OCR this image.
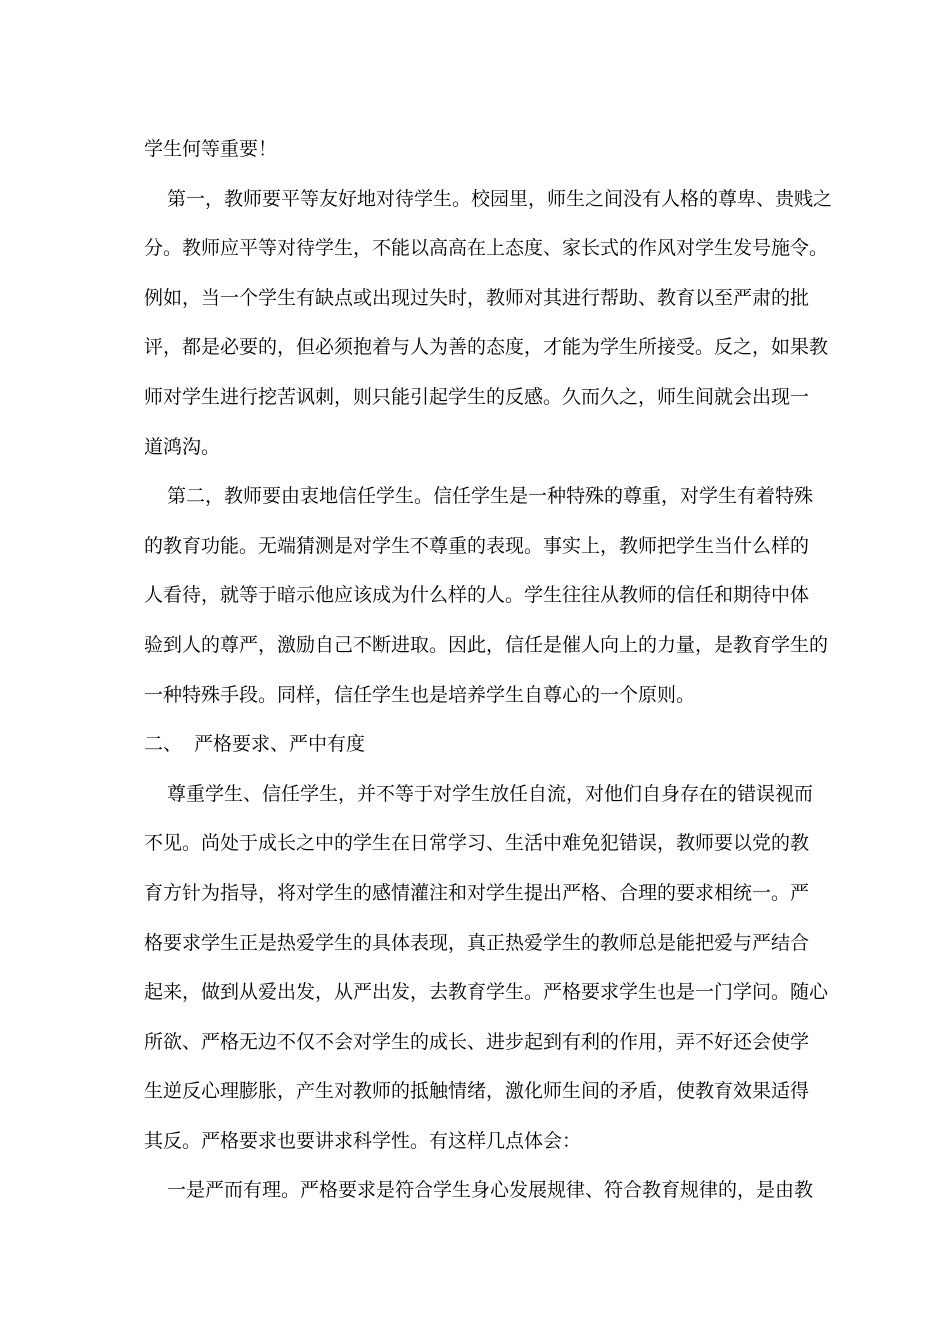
学生何等重要！
第一，教师要平等友好地对待学生。校园里，师生之间没有人格的尊卑、贵贱之
分。教师应平等对待学生，不能以高高在上态度、家长式的作风对学生发号施令。
例如，当一个学生有缺点或出现过失时，教师对其进行帮助、教育以至严肃的批
评，都是必要的，但必须抱着与人为善的态度，才能为学生所接受。反之，如果教
师对学生进行挖苦讽刺，则只能引起学生的反感。久而久之，师生间就会出现一
道鸿沟。
第二，教师要由衷地信任学生。信任学生是一种特殊的尊重，对学生有着特殊
的教育功能。无端猜测是对学生不尊重的表现。事实上，教师把学生当什么样的
人看待，就等于暗示他应该成为什么样的人。学生往往从教师的信任和期待中体
验到人的尊严，激励自己不断进取。因此，信任是催人向上的力量，是教育学生的
一种特殊手段。同样，信任学生也是培养学生自尊心的一个原则。
二、 严格要求、严中有度
尊重学生、信任学生，并不等于对学生放任自流，对他们自身存在的错误视而
不见。尚处于成长之中的学生在日常学习、生活中难免犯错误，教师要以党的教
育方针为指导，将对学生的感情灌注和对学生提出严格、合理的要求相统一。严
格要求学生正是热爱学生的具体表现，真正热爱学生的教师总是能把爱与严结合
起来，做到从爱出发，从严出发，去教育学生。严格要求学生也是一门学问。随心
所欲、严格无边不仅不会对学生的成长、进步起到有利的作用，弄不好还会使学
生逆反心理膨胀，产生对教师的抵触情绪，激化师生间的矛盾，使教育效果适得
其反。严格要求也要讲求科学性。有这样几点体会：
一是严而有理。严格要求是符合学生身心发展规律、符合教育规律的，是由教
